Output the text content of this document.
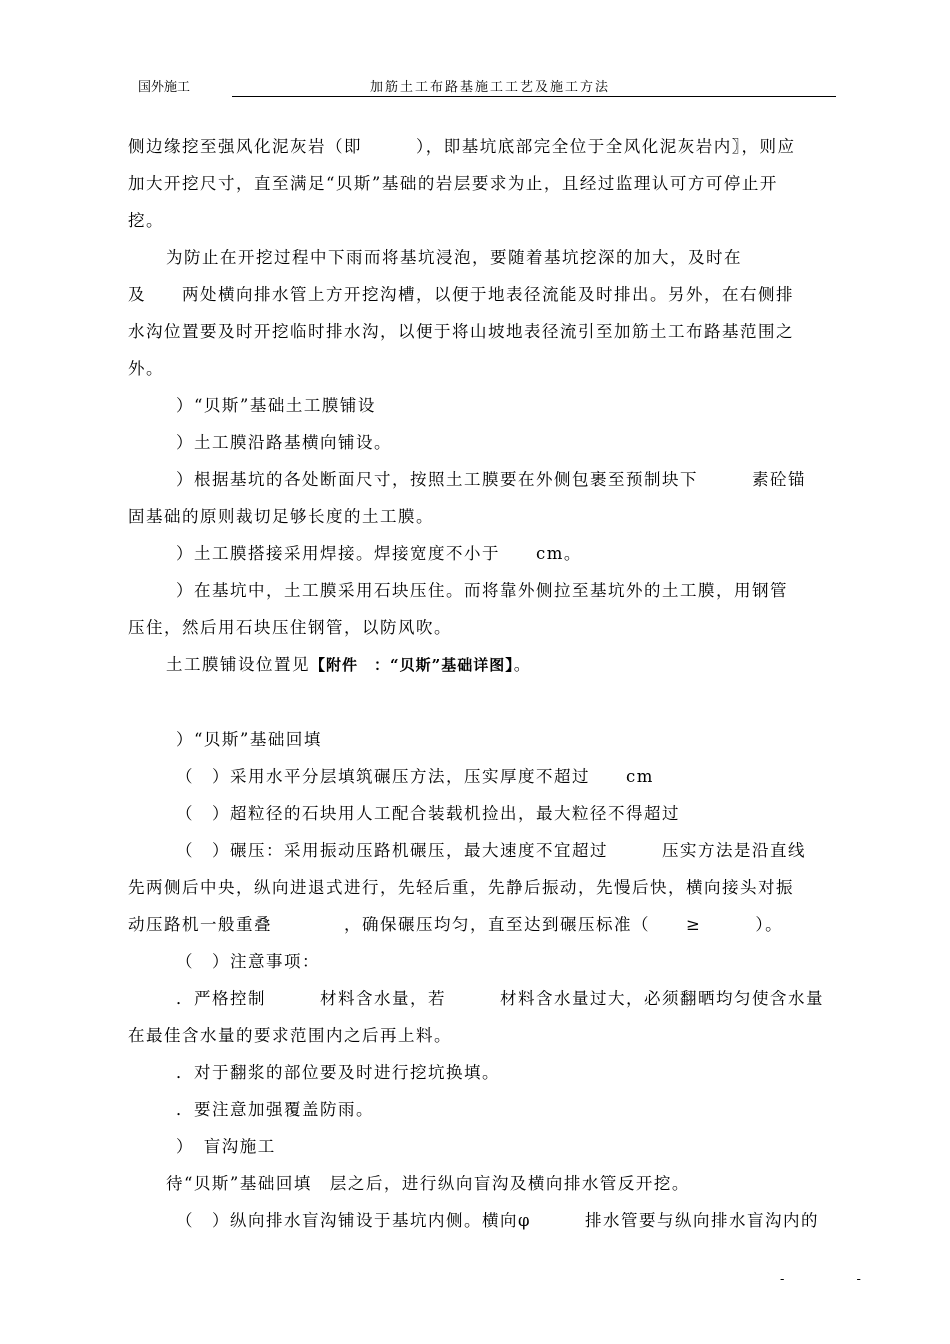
国外施工	加筋土工布路基施工工艺及施工方法

侧边缘挖至强风化泥灰岩（即　　　），即基坑底部完全位于全风化泥灰岩内〗，则应

加大开挖尺寸，直至满足“贝斯”基础的岩层要求为止，且经过监理认可方可停止开

挖。

为防止在开挖过程中下雨而将基坑浸泡，要随着基坑挖深的加大，及时在

及　　两处横向排水管上方开挖沟槽，以便于地表径流能及时排出。另外，在右侧排

水沟位置要及时开挖临时排水沟，以便于将山坡地表径流引至加筋土工布路基范围之

外。

）“贝斯”基础土工膜铺设

）土工膜沿路基横向铺设。

）根据基坑的各处断面尺寸，按照土工膜要在外侧包裹至预制块下　　　素砼锚

固基础的原则裁切足够长度的土工膜。

）土工膜搭接采用焊接。焊接宽度不小于　　cm。

）在基坑中，土工膜采用石块压住。而将靠外侧拉至基坑外的土工膜，用钢管

压住，然后用石块压住钢管，以防风吹。

土工膜铺设位置见【附件　：“贝斯”基础详图】。

）“贝斯”基础回填

（　）采用水平分层填筑碾压方法，压实厚度不超过　　cm

（　）超粒径的石块用人工配合装载机捡出，最大粒径不得超过

（　）碾压：采用振动压路机碾压，最大速度不宜超过　　　压实方法是沿直线

先两侧后中央，纵向进退式进行，先轻后重，先静后振动，先慢后快，横向接头对振

动压路机一般重叠　　　　，确保碾压均匀，直至达到碾压标准（　　≥　　　）。

（　）注意事项：

．严格控制　　　材料含水量，若　　　材料含水量过大，必须翻晒均匀使含水量

在最佳含水量的要求范围内之后再上料。

．对于翻浆的部位要及时进行挖坑换填。

．要注意加强覆盖防雨。

）　盲沟施工

待“贝斯”基础回填　层之后，进行纵向盲沟及横向排水管反开挖。

（　）纵向排水盲沟铺设于基坑内侧。横向φ　　　排水管要与纵向排水盲沟内的

- -
